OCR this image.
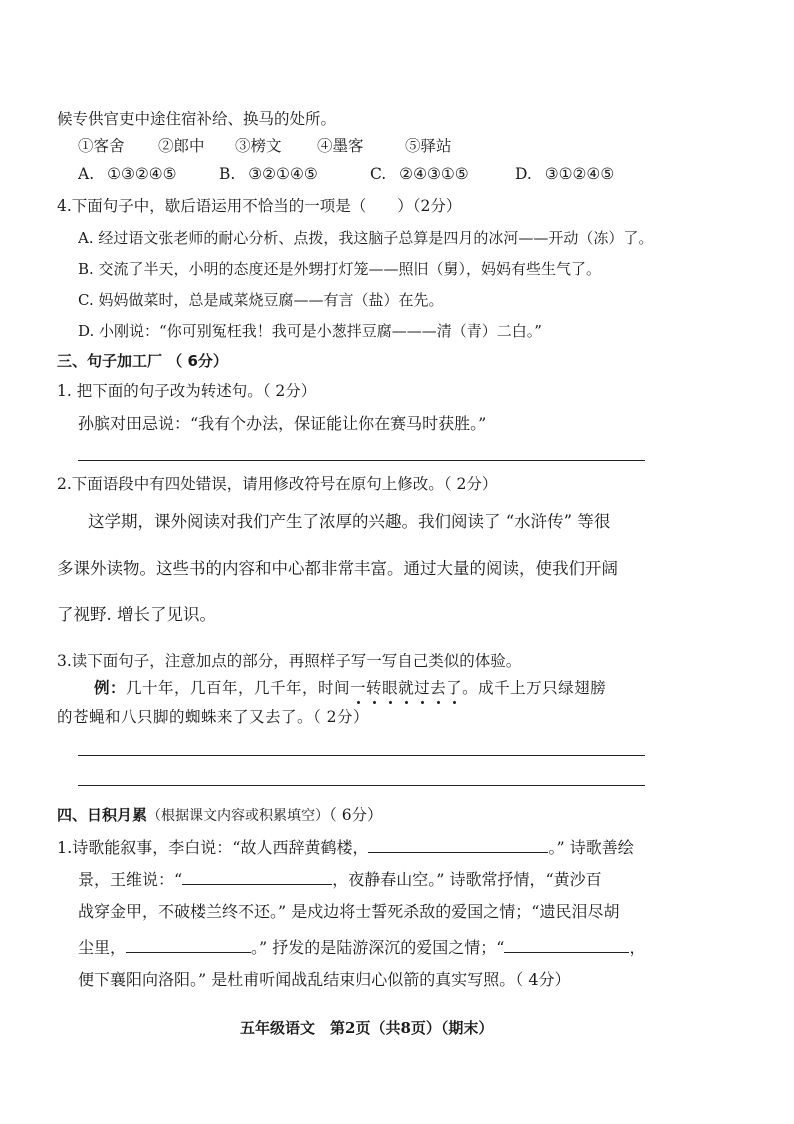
候专供官吏中途住宿补给、换马的处所。
①客舍 ②郎中 ③榜文 ④墨客	⑤驿站
A. ①③②④⑤	B. ③②①④⑤	C. ②④③①⑤	D. ③①②④⑤
4.下面句子中，歇后语运用不恰当的一项是（　　）（2分）
A. 经过语文张老师的耐心分析、点拨，我这脑子总算是四月的冰河——开动（冻）了。
B. 交流了半天，小明的态度还是外甥打灯笼——照旧（舅），妈妈有些生气了。
C. 妈妈做菜时，总是咸菜烧豆腐——有言（盐）在先。
D. 小刚说：“你可别冤枉我！我可是小葱拌豆腐———清（青）二白。”
三、句子加工厂 （ 6分）
1. 把下面的句子改为转述句。（ 2分）
孙膑对田忌说：“我有个办法，保证能让你在赛马时获胜。”
2.下面语段中有四处错误，请用修改符号在原句上修改。（ 2分）
这学期，课外阅读对我们产生了浓厚的兴趣。我们阅读了 “水浒传” 等很
多课外读物。这些书的内容和中心都非常丰富。通过大量的阅读，使我们开阔
了视野. 增长了见识。
3.读下面句子，注意加点的部分，再照样子写一写自己类似的体验。
例：几十年，几百年，几千年，时间一转眼就过去了。成千上万只绿翅膀
的苍蝇和八只脚的蜘蛛来了又去了。（ 2分）
四、日积月累（根据课文内容或积累填空）（ 6分）
1.诗歌能叙事，李白说：“故人西辞黄鹤楼，	。” 诗歌善绘
景，王维说：“	，夜静春山空。” 诗歌常抒情，“黄沙百
战穿金甲，不破楼兰终不还。” 是戍边将士誓死杀敌的爱国之情；“遗民泪尽胡
尘里，	。” 抒发的是陆游深沉的爱国之情；“	，
便下襄阳向洛阳。” 是杜甫听闻战乱结束归心似箭的真实写照。（ 4分）
五年级语文　第2页（共8页）（期末）
